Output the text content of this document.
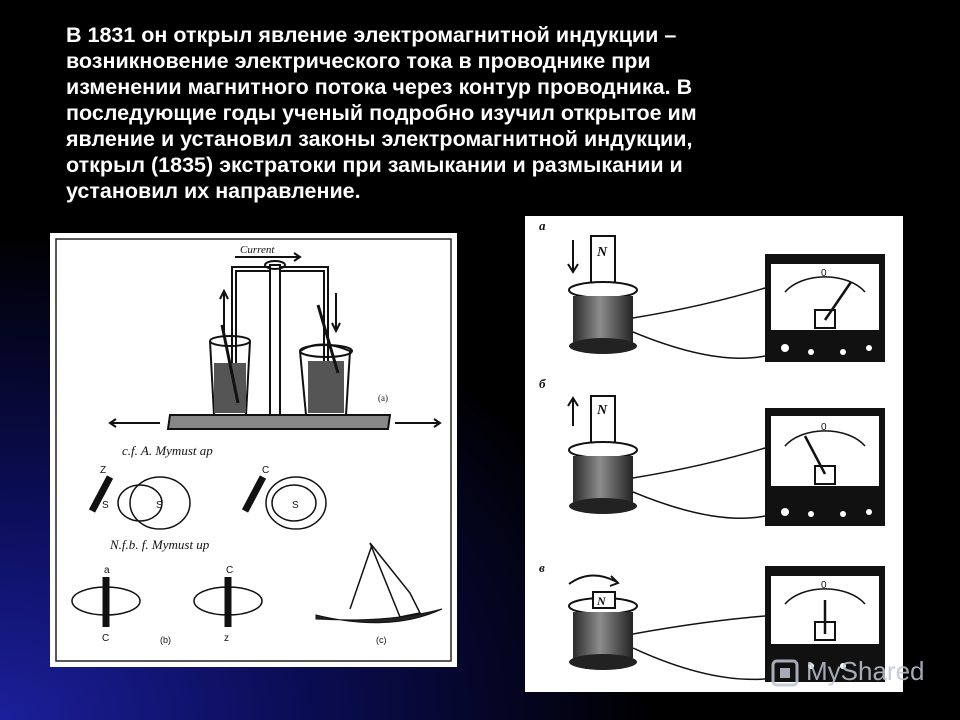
В 1831 он открыл явление электромагнитной индукции –
возникновение электрического тока в проводнике при
изменении магнитного потока через контур проводника. В
последующие годы ученый подробно изучил открытое им
явление и установил законы электромагнитной индукции,
открыл (1835) экстратоки при замыкании и размыкании и
установил их направление.
Current
(a)
c.f. A. Mymust ap
Z
S	S
C
S
N.f.b. f. Mymust up
a
C
C
z
(b)	(c)
а
N
0
б
N
0
в
N
0
MyShared
